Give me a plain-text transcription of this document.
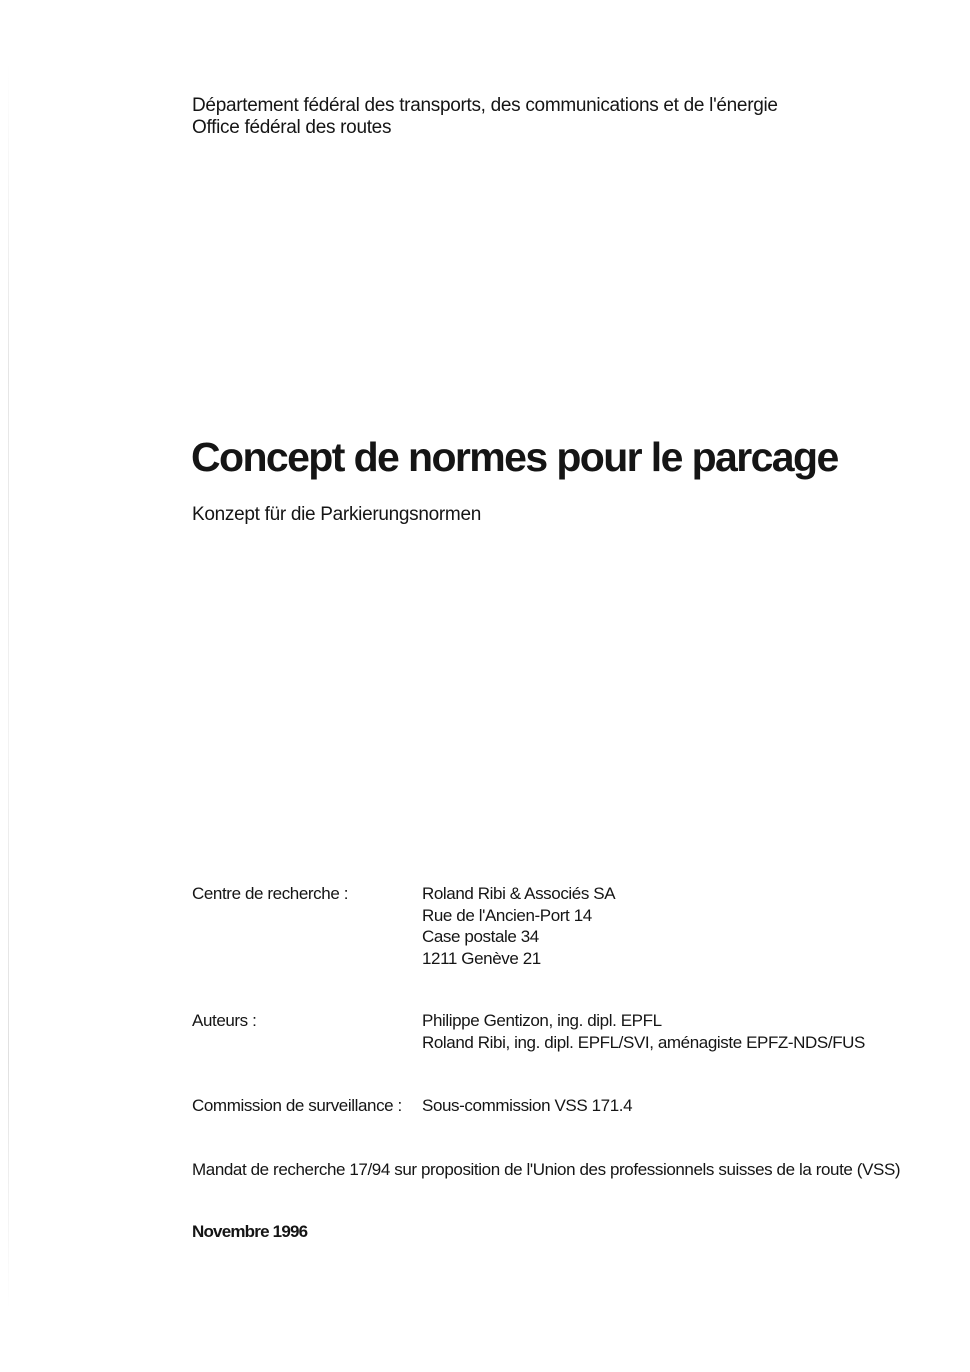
Département fédéral des transports, des communications et de l'énergie
Office fédéral des routes
Concept de normes pour le parcage
Konzept für die Parkierungsnormen
Centre de recherche :	Roland Ribi & Associés SA
Rue de l'Ancien-Port 14
Case postale 34
1211 Genève 21
Auteurs :	Philippe Gentizon, ing. dipl. EPFL
Roland Ribi, ing. dipl. EPFL/SVI, aménagiste EPFZ-NDS/FUS
Commission de surveillance : Sous-commission VSS 171.4
Mandat de recherche 17/94 sur proposition de l'Union des professionnels suisses de la route (VSS)
Novembre 1996
